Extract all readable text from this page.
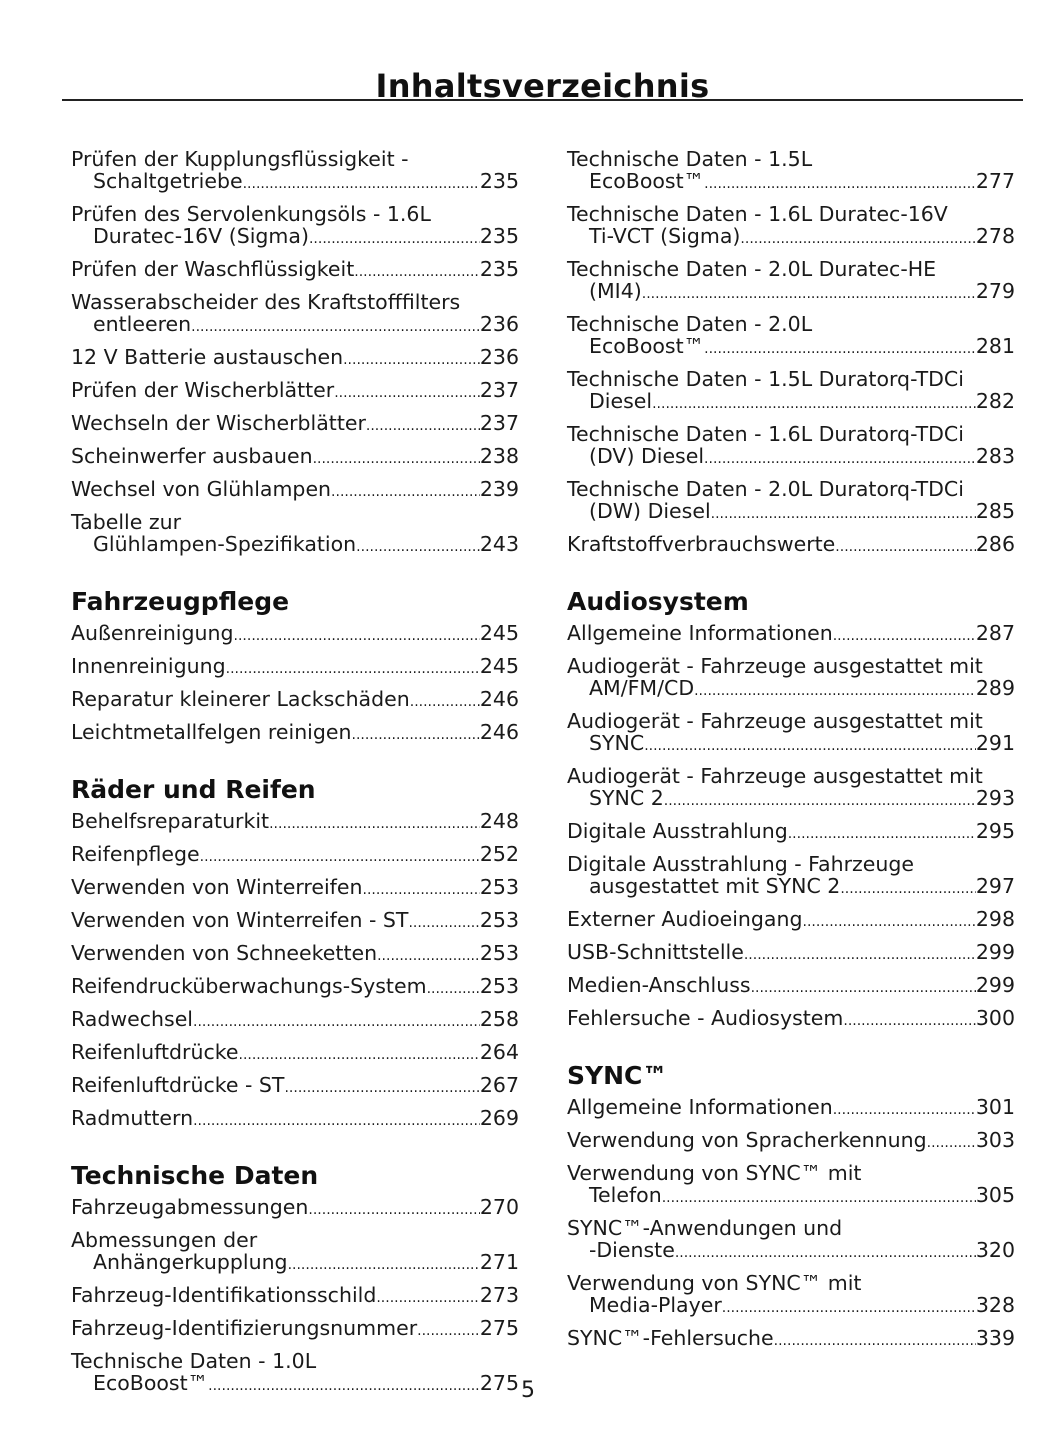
Inhaltsverzeichnis
Prüfen der Kupplungsflüssigkeit -
Schaltgetriebe .....	235
Prüfen des Servolenkungsöls - 1.6L
Duratec-16V (Sigma) .....	235
Prüfen der Waschflüssigkeit .....	235
Wasserabscheider des Kraftstofffilters
entleeren .....	236
12 V Batterie austauschen .....	236
Prüfen der Wischerblätter .....	237
Wechseln der Wischerblätter .....	237
Scheinwerfer ausbauen .....	238
Wechsel von Glühlampen .....	239
Tabelle zur
Glühlampen-Spezifikation .....	243
Fahrzeugpflege
Außenreinigung .....	245
Innenreinigung .....	245
Reparatur kleinerer Lackschäden .....	246
Leichtmetallfelgen reinigen .....	246
Räder und Reifen
Behelfsreparaturkit .....	248
Reifenpflege .....	252
Verwenden von Winterreifen .....	253
Verwenden von Winterreifen - ST .....	253
Verwenden von Schneeketten .....	253
Reifendrucküberwachungs-System .....	253
Radwechsel .....	258
Reifenluftdrücke .....	264
Reifenluftdrücke - ST .....	267
Radmuttern .....	269
Technische Daten
Fahrzeugabmessungen .....	270
Abmessungen der
Anhängerkupplung .....	271
Fahrzeug-Identifikationsschild .....	273
Fahrzeug-Identifizierungsnummer .....	275
Technische Daten - 1.0L
EcoBoost™ .....	275
Technische Daten - 1.5L
EcoBoost™ .....	277
Technische Daten - 1.6L Duratec-16V
Ti-VCT (Sigma) .....	278
Technische Daten - 2.0L Duratec-HE
(MI4) .....	279
Technische Daten - 2.0L
EcoBoost™ .....	281
Technische Daten - 1.5L Duratorq-TDCi
Diesel .....	282
Technische Daten - 1.6L Duratorq-TDCi
(DV) Diesel .....	283
Technische Daten - 2.0L Duratorq-TDCi
(DW) Diesel .....	285
Kraftstoffverbrauchswerte .....	286
Audiosystem
Allgemeine Informationen .....	287
Audiogerät - Fahrzeuge ausgestattet mit
AM/FM/CD .....	289
Audiogerät - Fahrzeuge ausgestattet mit
SYNC .....	291
Audiogerät - Fahrzeuge ausgestattet mit
SYNC 2 .....	293
Digitale Ausstrahlung .....	295
Digitale Ausstrahlung - Fahrzeuge
ausgestattet mit SYNC 2 .....	297
Externer Audioeingang .....	298
USB-Schnittstelle .....	299
Medien-Anschluss .....	299
Fehlersuche - Audiosystem .....	300
SYNC™
Allgemeine Informationen .....	301
Verwendung von Spracherkennung ..... 303
Verwendung von SYNC™ mit
Telefon .....	305
SYNC™-Anwendungen und
-Dienste .....	320
Verwendung von SYNC™ mit
Media-Player .....	328
SYNC™-Fehlersuche .....	339
5
